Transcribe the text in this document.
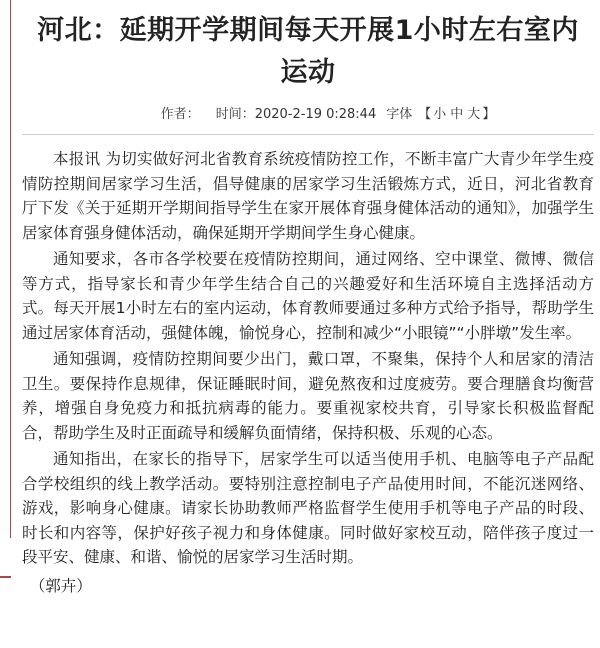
河北：延期开学期间每天开展1小时左右室内运动
作者： 时间：2020-2-19 0:28:44 字体 【 小 中 大 】

本报讯 为切实做好河北省教育系统疫情防控工作，不断丰富广大青少年学生疫情防控期间居家学习生活，倡导健康的居家学习生活锻炼方式，近日，河北省教育厅下发《关于延期开学期间指导学生在家开展体育强身健体活动的通知》，加强学生居家体育强身健体活动，确保延期开学期间学生身心健康。

通知要求，各市各学校要在疫情防控期间，通过网络、空中课堂、微博、微信等方式，指导家长和青少年学生结合自己的兴趣爱好和生活环境自主选择活动方式。每天开展1小时左右的室内运动，体育教师要通过多种方式给予指导，帮助学生通过居家体育活动，强健体魄，愉悦身心，控制和减少“小眼镜”“小胖墩”发生率。

通知强调，疫情防控期间要少出门，戴口罩，不聚集，保持个人和居家的清洁卫生。要保持作息规律，保证睡眠时间，避免熬夜和过度疲劳。要合理膳食均衡营养，增强自身免疫力和抵抗病毒的能力。要重视家校共育，引导家长积极监督配合，帮助学生及时正面疏导和缓解负面情绪，保持积极、乐观的心态。

通知指出，在家长的指导下，居家学生可以适当使用手机、电脑等电子产品配合学校组织的线上教学活动。要特别注意控制电子产品使用时间，不能沉迷网络、游戏，影响身心健康。请家长协助教师严格监督学生使用手机等电子产品的时段、时长和内容等，保护好孩子视力和身体健康。同时做好家校互动，陪伴孩子度过一段平安、健康、和谐、愉悦的居家学习生活时期。

（郭卉）
